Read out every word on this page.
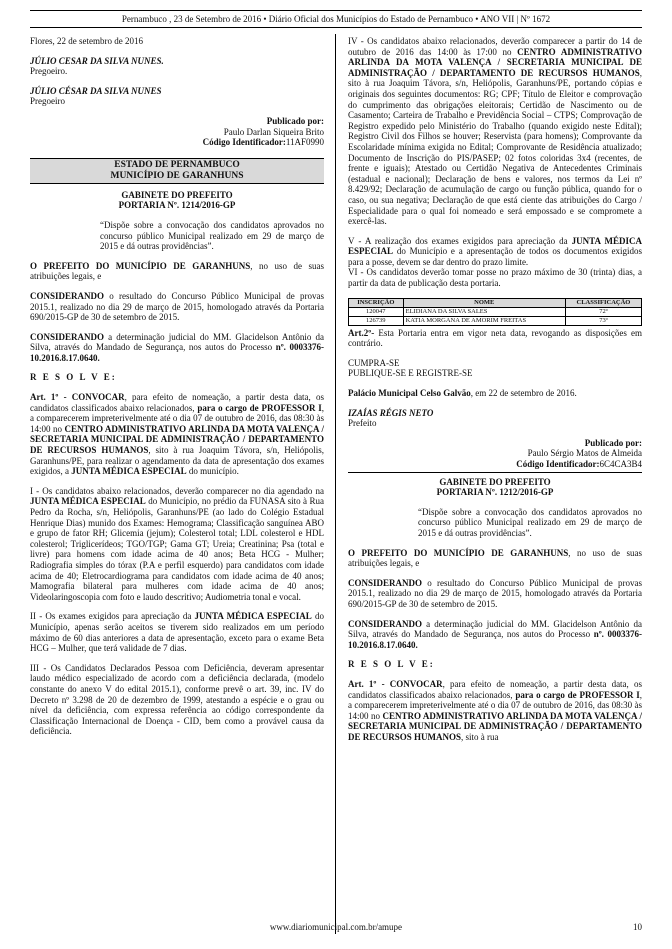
Pernambuco , 23 de Setembro de 2016 • Diário Oficial dos Municípios do Estado de Pernambuco • ANO VII | Nº 1672

Flores, 22 de setembro de 2016

JÚLIO CESAR DA SILVA NUNES.

Pregoeiro.

JÚLIO CÉSAR DA SILVA NUNES

Pregoeiro

Publicado por:

Paulo Darlan Siqueira Brito

Código Identificador:11AF0990

ESTADO DE PERNAMBUCO
MUNICÍPIO DE GARANHUNS

GABINETE DO PREFEITO

PORTARIA Nº. 1214/2016-GP

“Dispõe sobre a convocação dos candidatos aprovados no concurso público Municipal realizado em 29 de março de 2015 e dá outras providências”.

O PREFEITO DO MUNICÍPIO DE GARANHUNS, no uso de suas atribuições legais, e

CONSIDERANDO o resultado do Concurso Público Municipal de provas 2015.1, realizado no dia 29 de março de 2015, homologado através da Portaria 690/2015-GP de 30 de setembro de 2015.

CONSIDERANDO a determinação judicial do MM. Glacidelson Antônio da Silva, através do Mandado de Segurança, nos autos do Processo nº. 0003376-10.2016.8.17.0640.

R E S O L V E:

Art. 1º - CONVOCAR, para efeito de nomeação, a partir desta data, os candidatos classificados abaixo relacionados, para o cargo de PROFESSOR I, a comparecerem impreterivelmente até o dia 07 de outubro de 2016, das 08:30 às 14:00 no CENTRO ADMINISTRATIVO ARLINDA DA MOTA VALENÇA / SECRETARIA MUNICIPAL DE ADMINISTRAÇÃO / DEPARTAMENTO DE RECURSOS HUMANOS, sito à rua Joaquim Távora, s/n, Heliópolis, Garanhuns/PE, para realizar o agendamento da data de apresentação dos exames exigidos, a JUNTA MÉDICA ESPECIAL do município.

I - Os candidatos abaixo relacionados, deverão comparecer no dia agendado na JUNTA MÉDICA ESPECIAL do Município, no prédio da FUNASA sito à Rua Pedro da Rocha, s/n, Heliópolis, Garanhuns/PE (ao lado do Colégio Estadual Henrique Dias) munido dos Exames: Hemograma; Classificação sanguínea ABO e grupo de fator RH; Glicemia (jejum); Colesterol total; LDL colesterol e HDL colesterol; Triglicerídeos; TGO/TGP; Gama GT; Ureia; Creatinina; Psa (total e livre) para homens com idade acima de 40 anos; Beta HCG - Mulher; Radiografia simples do tórax (P.A e perfil esquerdo) para candidatos com idade acima de 40; Eletrocardiograma para candidatos com idade acima de 40 anos; Mamografia bilateral para mulheres com idade acima de 40 anos; Videolaringoscopia com foto e laudo descritivo; Audiometria tonal e vocal.

II - Os exames exigidos para apreciação da JUNTA MÉDICA ESPECIAL do Município, apenas serão aceitos se tiverem sido realizados em um período máximo de 60 dias anteriores a data de apresentação, exceto para o exame Beta HCG – Mulher, que terá validade de 7 dias.

III - Os Candidatos Declarados Pessoa com Deficiência, deveram apresentar laudo médico especializado de acordo com a deficiência declarada, (modelo constante do anexo V do edital 2015.1), conforme prevê o art. 39, inc. IV do Decreto nº 3.298 de 20 de dezembro de 1999, atestando a espécie e o grau ou nível da deficiência, com expressa referência ao código correspondente da Classificação Internacional de Doença - CID, bem como a provável causa da deficiência.

IV - Os candidatos abaixo relacionados, deverão comparecer a partir do 14 de outubro de 2016 das 14:00 às 17:00 no CENTRO ADMINISTRATIVO ARLINDA DA MOTA VALENÇA / SECRETARIA MUNICIPAL DE ADMINISTRAÇÃO / DEPARTAMENTO DE RECURSOS HUMANOS, sito à rua Joaquim Távora, s/n, Heliópolis, Garanhuns/PE, portando cópias e originais dos seguintes documentos: RG; CPF; Título de Eleitor e comprovação do cumprimento das obrigações eleitorais; Certidão de Nascimento ou de Casamento; Carteira de Trabalho e Previdência Social – CTPS; Comprovação de Registro expedido pelo Ministério do Trabalho (quando exigido neste Edital); Registro Civil dos Filhos se houver; Reservista (para homens); Comprovante da Escolaridade mínima exigida no Edital; Comprovante de Residência atualizado; Documento de Inscrição do PIS/PASEP; 02 fotos coloridas 3x4 (recentes, de frente e iguais); Atestado ou Certidão Negativa de Antecedentes Criminais (estadual e nacional); Declaração de bens e valores, nos termos da Lei nº 8.429/92; Declaração de acumulação de cargo ou função pública, quando for o caso, ou sua negativa; Declaração de que está ciente das atribuições do Cargo / Especialidade para o qual foi nomeado e será empossado e se compromete a exercê-las.

V - A realização dos exames exigidos para apreciação da JUNTA MÉDICA ESPECIAL do Município e a apresentação de todos os documentos exigidos para a posse, devem se dar dentro do prazo limite.

VI - Os candidatos deverão tomar posse no prazo máximo de 30 (trinta) dias, a partir da data de publicação desta portaria.

INSCRIÇÃO	NOME	CLASSIFICAÇÃO
120047	ELIDIANA DA SILVA SALES	72º
126739	KATIA MORGANA DE AMORIM FREITAS	73º

Art.2º- Esta Portaria entra em vigor neta data, revogando as disposições em contrário.

CUMPRA-SE

PUBLIQUE-SE E REGISTRE-SE

Palácio Municipal Celso Galvão, em 22 de setembro de 2016.

IZAÍAS RÉGIS NETO

Prefeito

Publicado por:

Paulo Sérgio Matos de Almeida

Código Identificador:6C4CA3B4

GABINETE DO PREFEITO

PORTARIA Nº. 1212/2016-GP

“Dispõe sobre a convocação dos candidatos aprovados no concurso público Municipal realizado em 29 de março de 2015 e dá outras providências”.

O PREFEITO DO MUNICÍPIO DE GARANHUNS, no uso de suas atribuições legais, e

CONSIDERANDO o resultado do Concurso Público Municipal de provas 2015.1, realizado no dia 29 de março de 2015, homologado através da Portaria 690/2015-GP de 30 de setembro de 2015.

CONSIDERANDO a determinação judicial do MM. Glacidelson Antônio da Silva, através do Mandado de Segurança, nos autos do Processo nº. 0003376-10.2016.8.17.0640.

R E S O L V E:

Art. 1º - CONVOCAR, para efeito de nomeação, a partir desta data, os candidatos classificados abaixo relacionados, para o cargo de PROFESSOR I, a comparecerem impreterivelmente até o dia 07 de outubro de 2016, das 08:30 às 14:00 no CENTRO ADMINISTRATIVO ARLINDA DA MOTA VALENÇA / SECRETARIA MUNICIPAL DE ADMINISTRAÇÃO / DEPARTAMENTO DE RECURSOS HUMANOS, sito à rua

www.diariomunicipal.com.br/amupe	10
